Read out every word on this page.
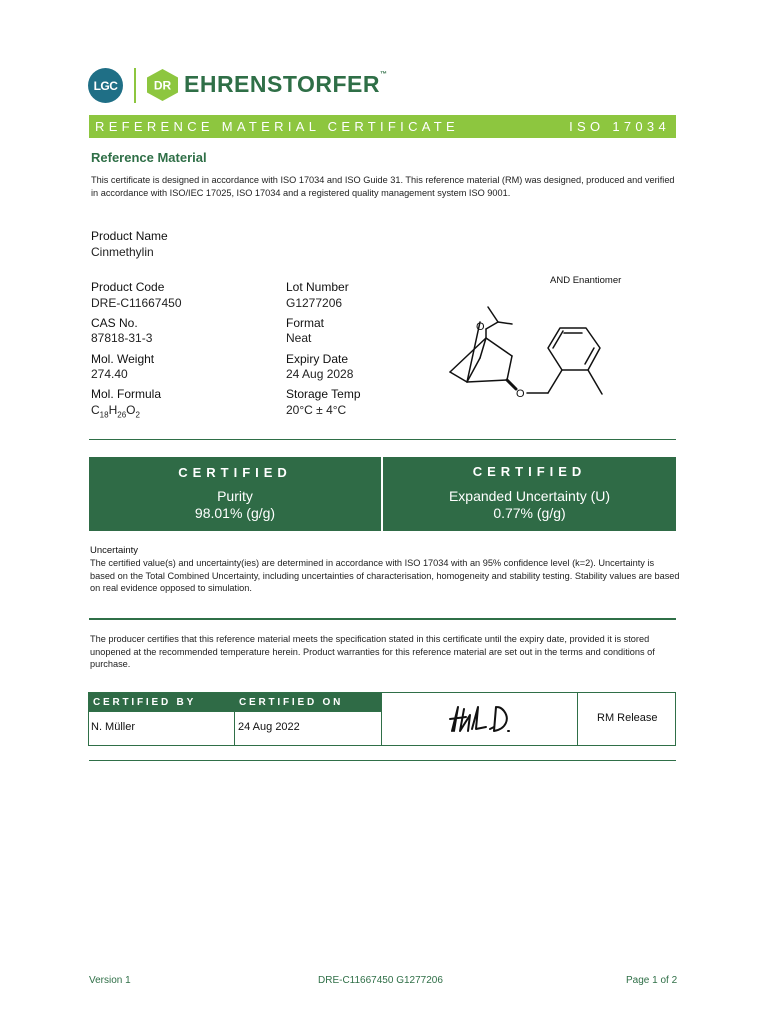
LGC	DR EHRENSTORFER™
REFERENCE MATERIAL CERTIFICATE	ISO 17034
Reference Material
This certificate is designed in accordance with ISO 17034 and ISO Guide 31. This reference material (RM) was designed, produced and verified in accordance with ISO/IEC 17025, ISO 17034 and a registered quality management system ISO 9001.
Product Name
Cinmethylin
Product Code
DRE-C11667450
Lot Number
G1277206
CAS No.
87818-31-3
Format
Neat
Mol. Weight
274.40
Expiry Date
24 Aug 2028
Mol. Formula
$C_{18}H_{26}O_2$
Storage Temp
20°C ± 4°C
AND Enantiomer
O
O
CERTIFIED
Purity
98.01% (g/g)
CERTIFIED
Expanded Uncertainty (U)
0.77% (g/g)
Uncertainty
The certified value(s) and uncertainty(ies) are determined in accordance with ISO 17034 with an 95% confidence level (k=2). Uncertainty is based on the Total Combined Uncertainty, including uncertainties of characterisation, homogeneity and stability testing. Stability values are based on real evidence opposed to simulation.
The producer certifies that this reference material meets the specification stated in this certificate until the expiry date, provided it is stored unopened at the recommended temperature herein. Product warranties for this reference material are set out in the terms and conditions of purchase.
CERTIFIED BY	CERTIFIED ON
N. Müller	24 Aug 2022
RM Release
Version 1	DRE-C11667450 G1277206	Page 1 of 2
